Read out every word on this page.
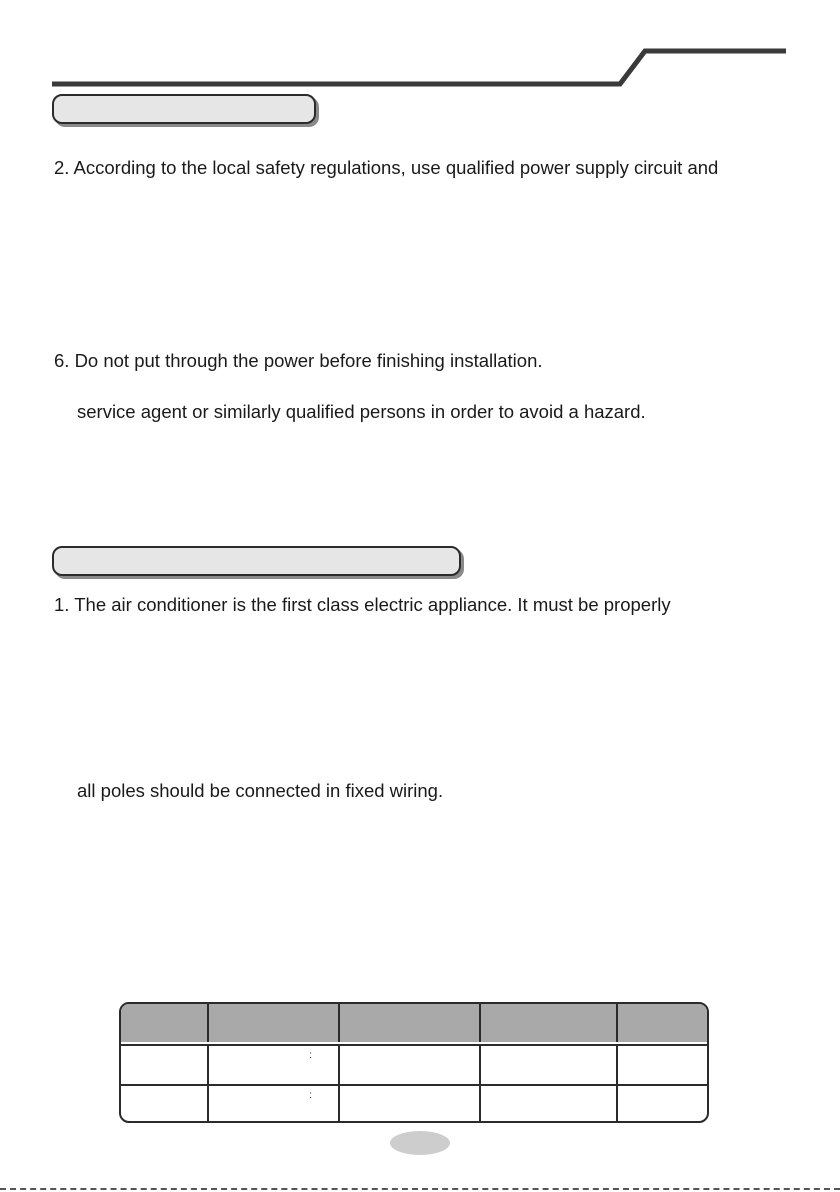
2. According to the local safety regulations, use qualified power supply circuit and

6. Do not put through the power before finishing installation.

service agent or similarly qualified persons in order to avoid a hazard.

1. The air conditioner is the first class electric appliance. It must be properly

all poles should be connected in fixed wiring.

:
:
